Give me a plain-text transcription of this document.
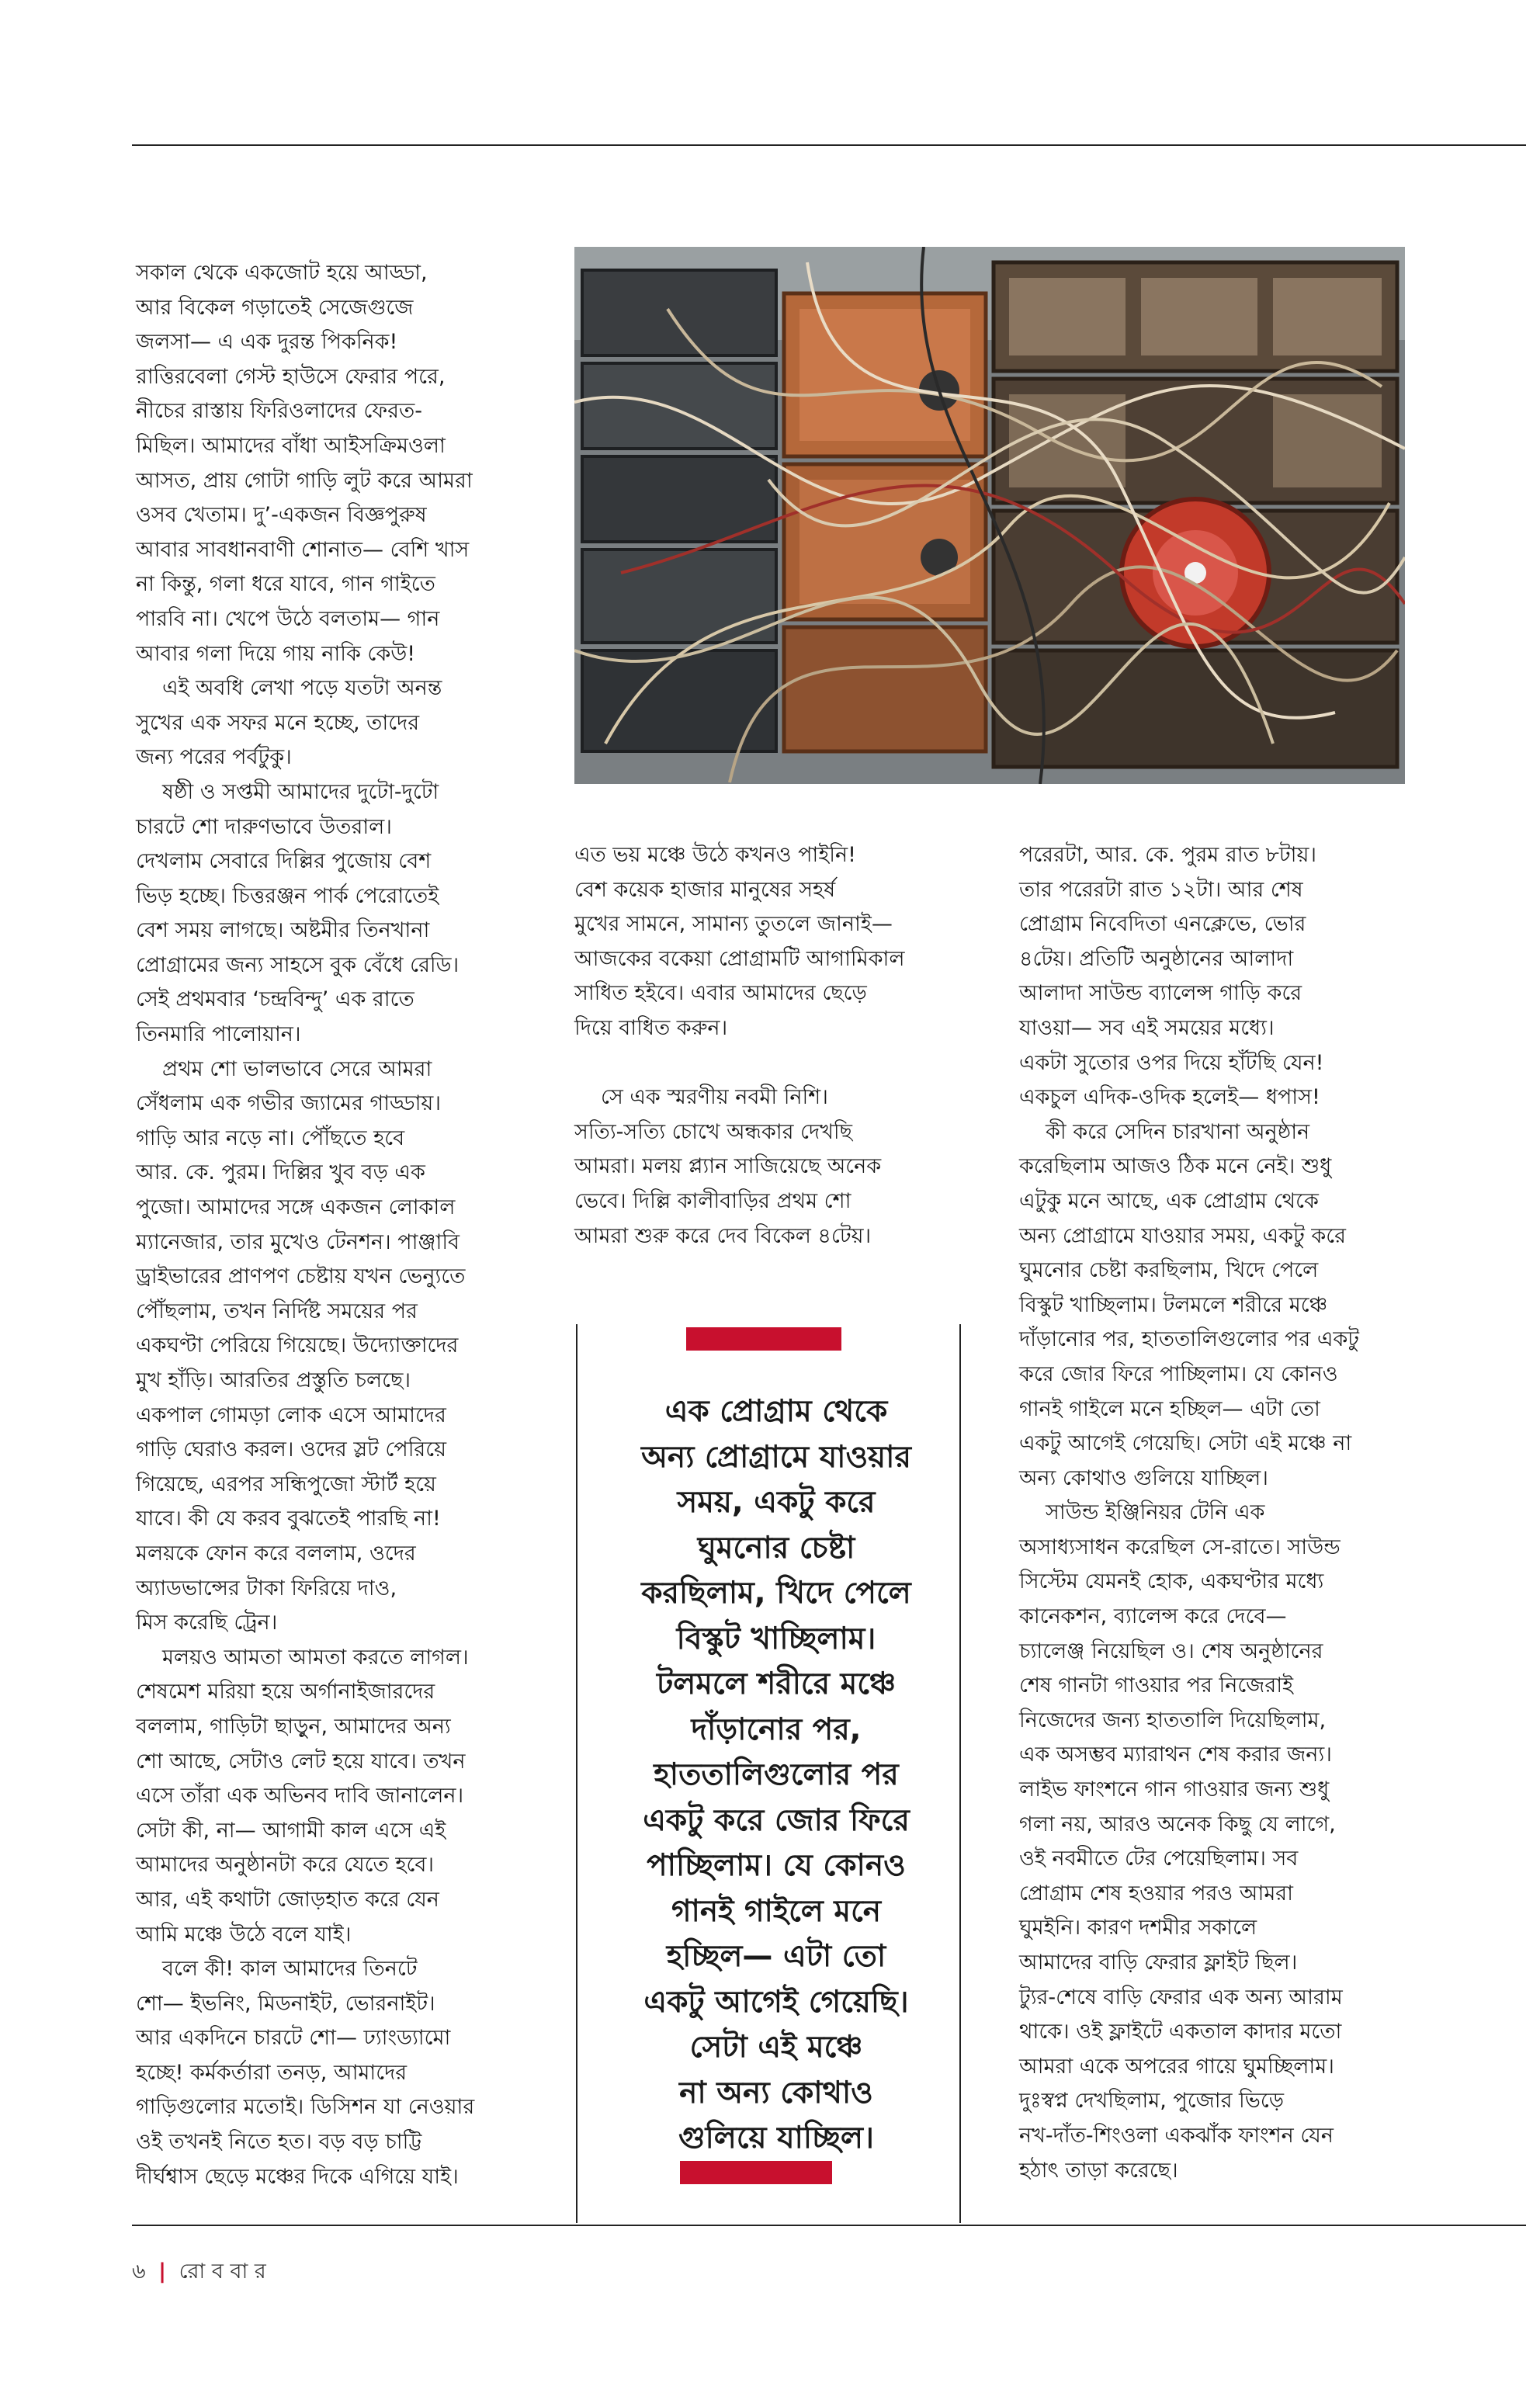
সকাল থেকে একজোট হয়ে আড্ডা,
আর বিকেল গড়াতেই সেজেগুজে
জলসা— এ এক দুরন্ত পিকনিক!
রাত্তিরবেলা গেস্ট হাউসে ফেরার পরে,
নীচের রাস্তায় ফিরিওলাদের ফেরত-
মিছিল। আমাদের বাঁধা আইসক্রিমওলা
আসত, প্রায় গোটা গাড়ি লুট করে আমরা
ওসব খেতাম। দু’-একজন বিজ্ঞপুরুষ
আবার সাবধানবাণী শোনাত— বেশি খাস
না কিন্তু, গলা ধরে যাবে, গান গাইতে
পারবি না। খেপে উঠে বলতাম— গান
আবার গলা দিয়ে গায় নাকি কেউ!
এই অবধি লেখা পড়ে যতটা অনন্ত
সুখের এক সফর মনে হচ্ছে, তাদের
জন্য পরের পর্বটুকু।
ষষ্ঠী ও সপ্তমী আমাদের দুটো-দুটো
চারটে শো দারুণভাবে উতরাল।
দেখলাম সেবারে দিল্লির পুজোয় বেশ
ভিড় হচ্ছে। চিত্তরঞ্জন পার্ক পেরোতেই
বেশ সময় লাগছে। অষ্টমীর তিনখানা
প্রোগ্রামের জন্য সাহসে বুক বেঁধে রেডি।
সেই প্রথমবার ‘চন্দ্রবিন্দু’ এক রাতে
তিনমারি পালোয়ান।
প্রথম শো ভালভাবে সেরে আমরা
সেঁধলাম এক গভীর জ্যামের গাড্ডায়।
গাড়ি আর নড়ে না। পৌঁছতে হবে
আর. কে. পুরম। দিল্লির খুব বড় এক
পুজো। আমাদের সঙ্গে একজন লোকাল
ম্যানেজার, তার মুখেও টেনশন। পাঞ্জাবি
ড্রাইভারের প্রাণপণ চেষ্টায় যখন ভেন্যুতে
পৌঁছলাম, তখন নির্দিষ্ট সময়ের পর
একঘণ্টা পেরিয়ে গিয়েছে। উদ্যোক্তাদের
মুখ হাঁড়ি। আরতির প্রস্তুতি চলছে।
একপাল গোমড়া লোক এসে আমাদের
গাড়ি ঘেরাও করল। ওদের স্লট পেরিয়ে
গিয়েছে, এরপর সন্ধিপুজো স্টার্ট হয়ে
যাবে। কী যে করব বুঝতেই পারছি না!
মলয়কে ফোন করে বললাম, ওদের
অ্যাডভান্সের টাকা ফিরিয়ে দাও,
মিস করেছি ট্রেন।
মলয়ও আমতা আমতা করতে লাগল।
শেষমেশ মরিয়া হয়ে অর্গানাইজারদের
বললাম, গাড়িটা ছাড়ুন, আমাদের অন্য
শো আছে, সেটাও লেট হয়ে যাবে। তখন
এসে তাঁরা এক অভিনব দাবি জানালেন।
সেটা কী, না— আগামী কাল এসে এই
আমাদের অনুষ্ঠানটা করে যেতে হবে।
আর, এই কথাটা জোড়হাত করে যেন
আমি মঞ্চে উঠে বলে যাই।
বলে কী! কাল আমাদের তিনটে
শো— ইভনিং, মিডনাইট, ভোরনাইট।
আর একদিনে চারটে শো— ঢ্যাংড্যামো
হচ্ছে! কর্মকর্তারা তনড়, আমাদের
গাড়িগুলোর মতোই। ডিসিশন যা নেওয়ার
ওই তখনই নিতে হত। বড় বড় চাট্টি
দীর্ঘশ্বাস ছেড়ে মঞ্চের দিকে এগিয়ে যাই।
এত ভয় মঞ্চে উঠে কখনও পাইনি!
বেশ কয়েক হাজার মানুষের সহর্ষ
মুখের সামনে, সামান্য তুতলে জানাই—
আজকের বকেয়া প্রোগ্রামটি আগামিকাল
সাধিত হইবে। এবার আমাদের ছেড়ে
দিয়ে বাধিত করুন।
সে এক স্মরণীয় নবমী নিশি।
সত্যি-সত্যি চোখে অন্ধকার দেখছি
আমরা। মলয় প্ল্যান সাজিয়েছে অনেক
ভেবে। দিল্লি কালীবাড়ির প্রথম শো
আমরা শুরু করে দেব বিকেল ৪টেয়।
পরেরটা, আর. কে. পুরম রাত ৮টায়।
তার পরেরটা রাত ১২টা। আর শেষ
প্রোগ্রাম নিবেদিতা এনক্লেভে, ভোর
৪টেয়। প্রতিটি অনুষ্ঠানের আলাদা
আলাদা সাউন্ড ব্যালেন্স গাড়ি করে
যাওয়া— সব এই সময়ের মধ্যে।
একটা সুতোর ওপর দিয়ে হাঁটছি যেন!
একচুল এদিক-ওদিক হলেই— ধপাস!
কী করে সেদিন চারখানা অনুষ্ঠান
করেছিলাম আজও ঠিক মনে নেই। শুধু
এটুকু মনে আছে, এক প্রোগ্রাম থেকে
অন্য প্রোগ্রামে যাওয়ার সময়, একটু করে
ঘুমনোর চেষ্টা করছিলাম, খিদে পেলে
বিস্কুট খাচ্ছিলাম। টলমলে শরীরে মঞ্চে
দাঁড়ানোর পর, হাততালিগুলোর পর একটু
করে জোর ফিরে পাচ্ছিলাম। যে কোনও
গানই গাইলে মনে হচ্ছিল— এটা তো
একটু আগেই গেয়েছি। সেটা এই মঞ্চে না
অন্য কোথাও গুলিয়ে যাচ্ছিল।
সাউন্ড ইঞ্জিনিয়র টেনি এক
অসাধ্যসাধন করেছিল সে-রাতে। সাউন্ড
সিস্টেম যেমনই হোক, একঘণ্টার মধ্যে
কানেকশন, ব্যালেন্স করে দেবে—
চ্যালেঞ্জ নিয়েছিল ও। শেষ অনুষ্ঠানের
শেষ গানটা গাওয়ার পর নিজেরাই
নিজেদের জন্য হাততালি দিয়েছিলাম,
এক অসম্ভব ম্যারাথন শেষ করার জন্য।
লাইভ ফাংশনে গান গাওয়ার জন্য শুধু
গলা নয়, আরও অনেক কিছু যে লাগে,
ওই নবমীতে টের পেয়েছিলাম। সব
প্রোগ্রাম শেষ হওয়ার পরও আমরা
ঘুমইনি। কারণ দশমীর সকালে
আমাদের বাড়ি ফেরার ফ্লাইট ছিল।
ট্যুর-শেষে বাড়ি ফেরার এক অন্য আরাম
থাকে। ওই ফ্লাইটে একতাল কাদার মতো
আমরা একে অপরের গায়ে ঘুমচ্ছিলাম।
দুঃস্বপ্ন দেখছিলাম, পুজোর ভিড়ে
নখ-দাঁত-শিংওলা একঝাঁক ফাংশন যেন
হঠাৎ তাড়া করেছে।
এক প্রোগ্রাম থেকে
অন্য প্রোগ্রামে যাওয়ার
সময়, একটু করে
ঘুমনোর চেষ্টা
করছিলাম, খিদে পেলে
বিস্কুট খাচ্ছিলাম।
টলমলে শরীরে মঞ্চে
দাঁড়ানোর পর,
হাততালিগুলোর পর
একটু করে জোর ফিরে
পাচ্ছিলাম। যে কোনও
গানই গাইলে মনে
হচ্ছিল— এটা তো
একটু আগেই গেয়েছি।
সেটা এই মঞ্চে
না অন্য কোথাও
গুলিয়ে যাচ্ছিল।
৬ | রো ব বা র
